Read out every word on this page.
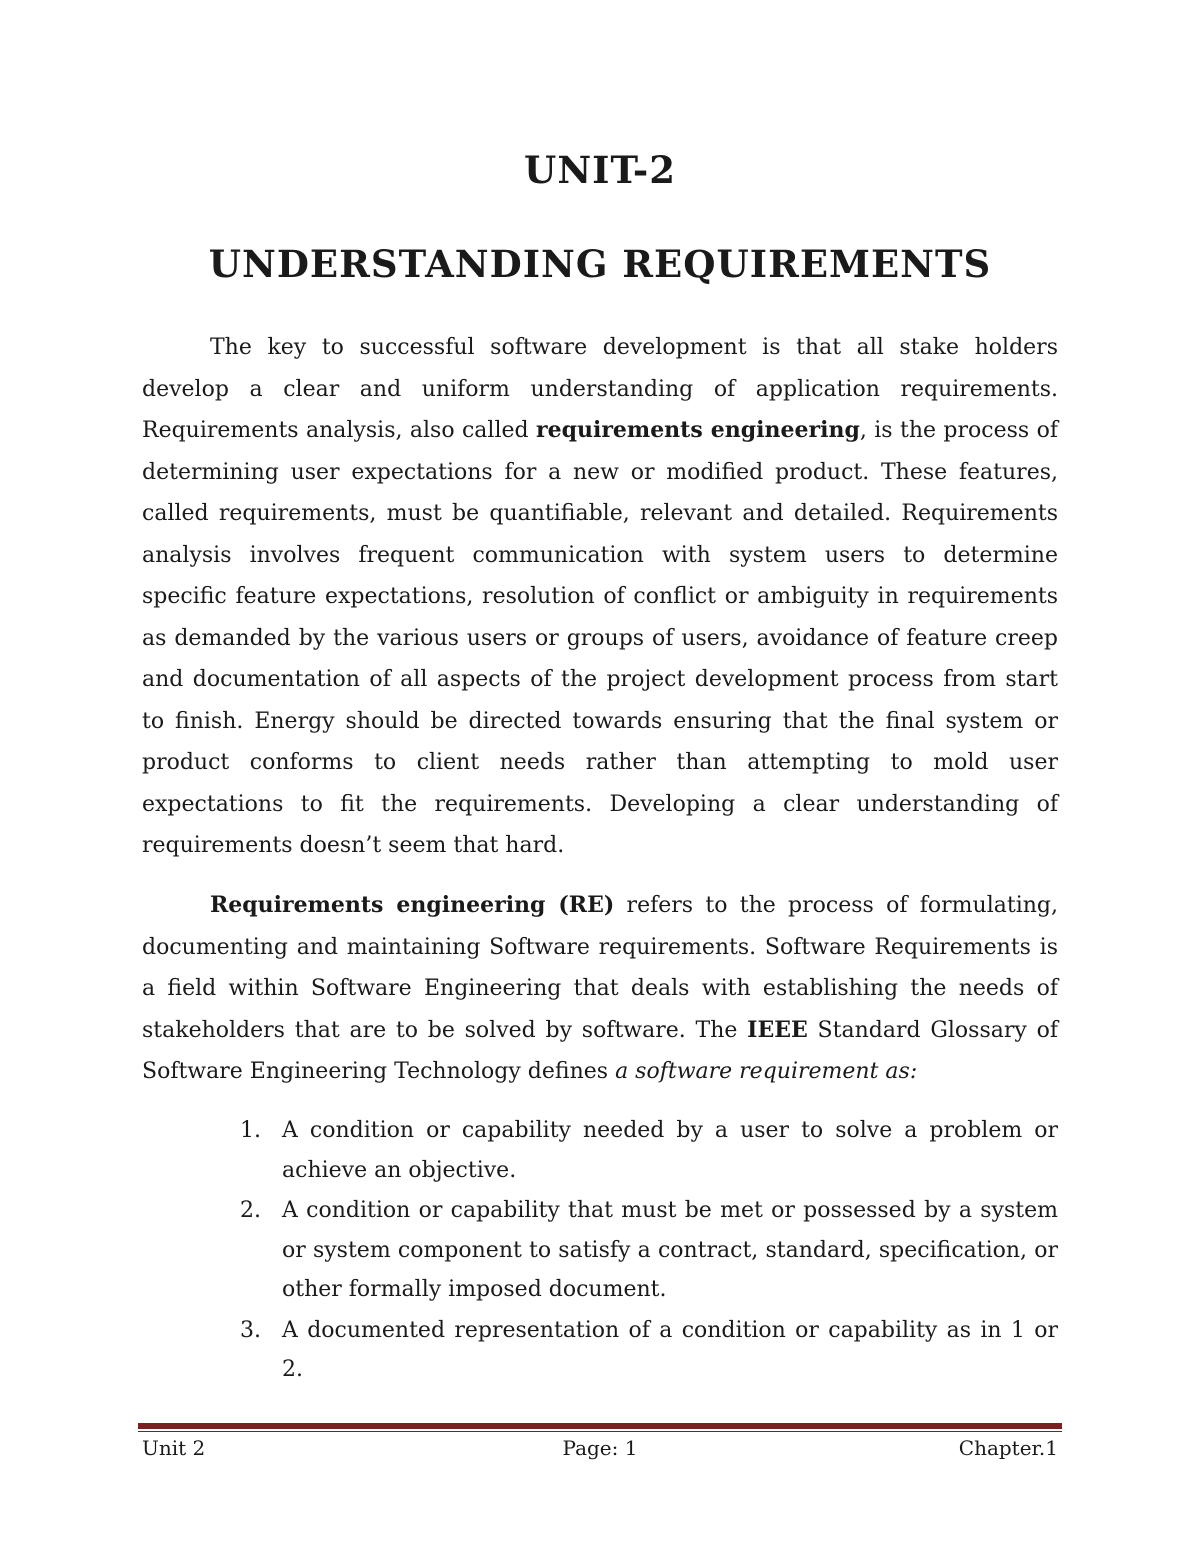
UNIT-2
UNDERSTANDING REQUIREMENTS

The key to successful software development is that all stake holders develop a clear and uniform understanding of application requirements. Requirements analysis, also called requirements engineering, is the process of determining user expectations for a new or modified product. These features, called requirements, must be quantifiable, relevant and detailed. Requirements analysis involves frequent communication with system users to determine specific feature expectations, resolution of conflict or ambiguity in requirements as demanded by the various users or groups of users, avoidance of feature creep and documentation of all aspects of the project development process from start to finish. Energy should be directed towards ensuring that the final system or product conforms to client needs rather than attempting to mold user expectations to fit the requirements. Developing a clear understanding of requirements doesn’t seem that hard.

Requirements engineering (RE) refers to the process of formulating, documenting and maintaining Software requirements. Software Requirements is a field within Software Engineering that deals with establishing the needs of stakeholders that are to be solved by software. The IEEE Standard Glossary of Software Engineering Technology defines a software requirement as:

1. A condition or capability needed by a user to solve a problem or achieve an objective.
2. A condition or capability that must be met or possessed by a system or system component to satisfy a contract, standard, specification, or other formally imposed document.
3. A documented representation of a condition or capability as in 1 or 2.
Unit 2	Page: 1	Chapter.1
